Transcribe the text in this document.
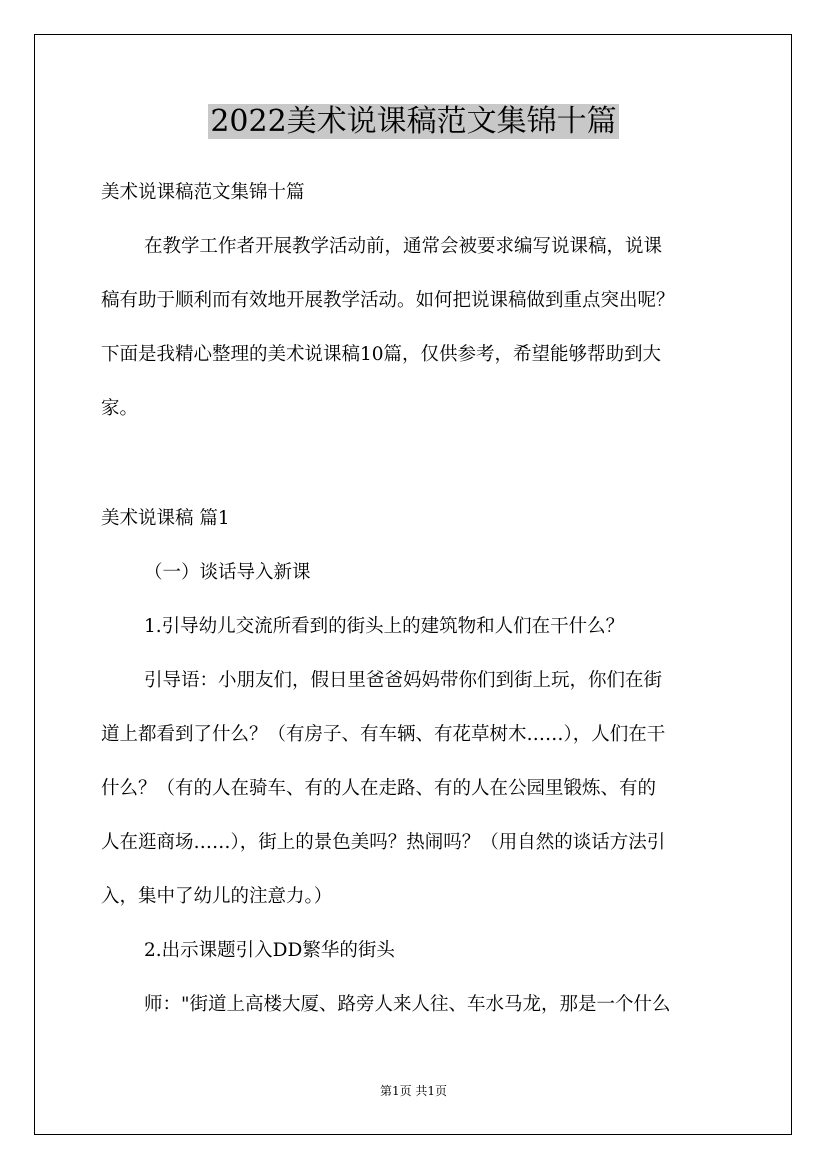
2022美术说课稿范文集锦十篇
美术说课稿范文集锦十篇
在教学工作者开展教学活动前，通常会被要求编写说课稿，说课
稿有助于顺利而有效地开展教学活动。如何把说课稿做到重点突出呢？
下面是我精心整理的美术说课稿10篇，仅供参考，希望能够帮助到大
家。
美术说课稿 篇1
（一）谈话导入新课
1.引导幼儿交流所看到的街头上的建筑物和人们在干什么？
引导语：小朋友们，假日里爸爸妈妈带你们到街上玩，你们在街
道上都看到了什么？（有房子、有车辆、有花草树木……），人们在干
什么？（有的人在骑车、有的人在走路、有的人在公园里锻炼、有的
人在逛商场……），街上的景色美吗？热闹吗？（用自然的谈话方法引
入，集中了幼儿的注意力。）
2.出示课题引入DD繁华的街头
师："街道上高楼大厦、路旁人来人往、车水马龙，那是一个什么
第1页 共1页
